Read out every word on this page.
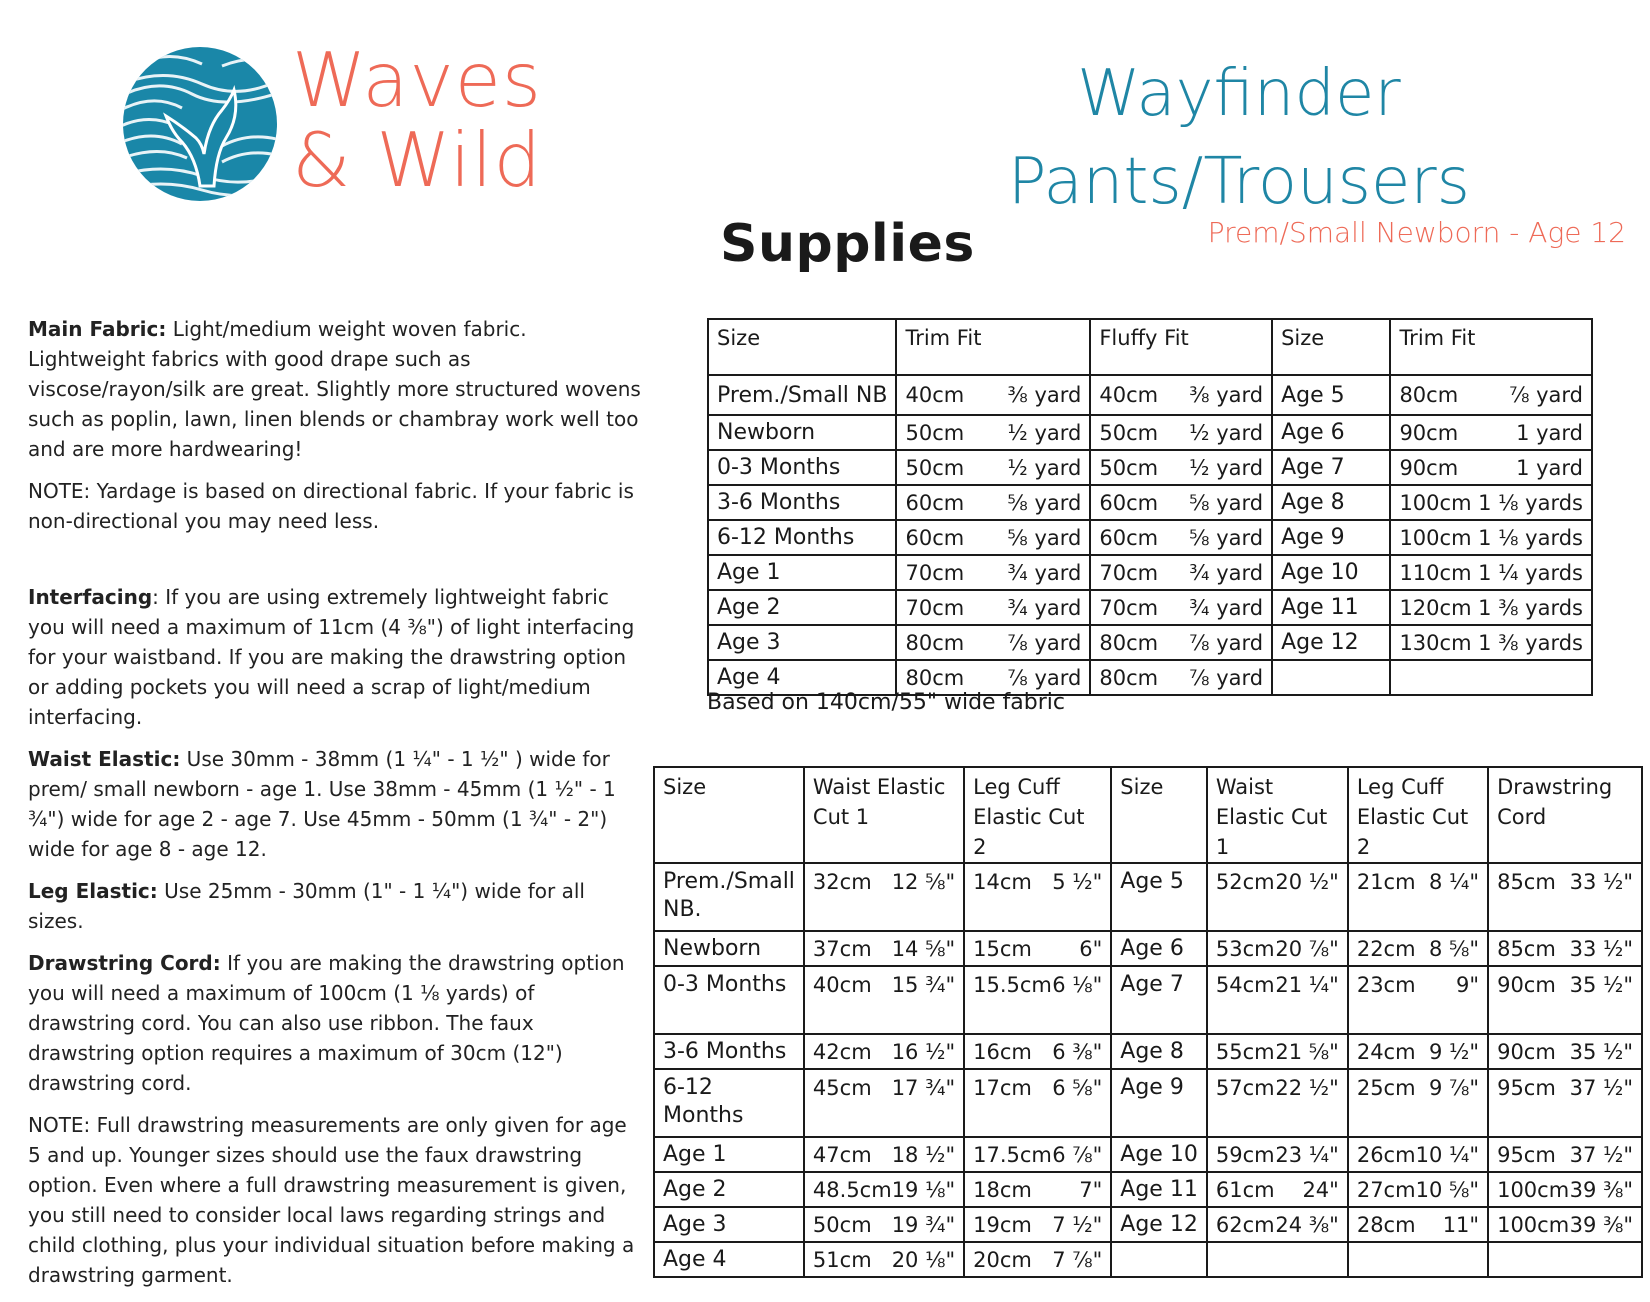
Waves
& Wild
Wayfinder
Pants/Trousers
Prem/Small Newborn - Age 12
Supplies

Main Fabric: Light/medium weight woven fabric. Lightweight fabrics with good drape such as viscose/rayon/silk are great. Slightly more structured wovens such as poplin, lawn, linen blends or chambray work well too and are more hardwearing!

NOTE: Yardage is based on directional fabric. If your fabric is non-directional you may need less.

Interfacing: If you are using extremely lightweight fabric you will need a maximum of 11cm (4 ⅜") of light interfacing for your waistband. If you are making the drawstring option or adding pockets you will need a scrap of light/medium interfacing.

Waist Elastic: Use 30mm - 38mm (1 ¼" - 1 ½" ) wide for prem/ small newborn - age 1. Use 38mm - 45mm (1 ½" - 1 ¾") wide for age 2 - age 7. Use 45mm - 50mm (1 ¾" - 2") wide for age 8 - age 12.

Leg Elastic: Use 25mm - 30mm (1" - 1 ¼") wide for all sizes.

Drawstring Cord: If you are making the drawstring option you will need a maximum of 100cm (1 ⅛ yards) of drawstring cord. You can also use ribbon. The faux drawstring option requires a maximum of 30cm (12") drawstring cord.

NOTE: Full drawstring measurements are only given for age 5 and up. Younger sizes should use the faux drawstring option. Even where a full drawstring measurement is given, you still need to consider local laws regarding strings and child clothing, plus your individual situation before making a drawstring garment.

Size	Trim Fit	Fluffy Fit	Size	Trim Fit
Prem./Small NB	40cm ⅜ yard	40cm ⅜ yard	Age 5	80cm ⅞ yard

Newborn	50cm ½ yard	50cm ½ yard	Age 6	90cm 1 yard

0-3 Months	50cm ½ yard	50cm ½ yard	Age 7	90cm 1 yard

3-6 Months	60cm ⅝ yard	60cm ⅝ yard	Age 8	100cm 1 ⅛ yards

6-12 Months	60cm ⅝ yard	60cm ⅝ yard	Age 9	100cm 1 ⅛ yards

Age 1	70cm ¾ yard	70cm ¾ yard	Age 10	110cm 1 ¼ yards

Age 2	70cm ¾ yard	70cm ¾ yard	Age 11	120cm 1 ⅜ yards

Age 3	80cm ⅞ yard	80cm ⅞ yard	Age 12	130cm 1 ⅜ yards

Age 4	80cm ⅞ yard	80cm ⅞ yard		

Based on 140cm/55" wide fabric
Size	Waist Elastic Cut 1	Leg Cuff Elastic Cut 2	Size	Waist Elastic Cut 1	Leg Cuff Elastic Cut 2	Drawstring Cord
Prem./Small NB.	32cm 12 ⅝"	14cm 5 ½"	Age 5	52cm 20 ½"	21cm 8 ¼"	85cm 33 ½"

Newborn	37cm 14 ⅝"	15cm 6"	Age 6	53cm 20 ⅞"	22cm 8 ⅝"	85cm 33 ½"

0-3 Months	40cm 15 ¾"	15.5cm 6 ⅛"	Age 7	54cm 21 ¼"	23cm 9"	90cm 35 ½"

3-6 Months	42cm 16 ½"	16cm 6 ⅜"	Age 8	55cm 21 ⅝"	24cm 9 ½"	90cm 35 ½"

6-12 Months	45cm 17 ¾"	17cm 6 ⅝"	Age 9	57cm 22 ½"	25cm 9 ⅞"	95cm 37 ½"

Age 1	47cm 18 ½"	17.5cm 6 ⅞"	Age 10	59cm 23 ¼"	26cm 10 ¼"	95cm 37 ½"

Age 2	48.5cm 19 ⅛"	18cm 7"	Age 11	61cm 24"	27cm 10 ⅝"	100cm 39 ⅜"

Age 3	50cm 19 ¾"	19cm 7 ½"	Age 12	62cm 24 ⅜"	28cm 11"	100cm 39 ⅜"

Age 4	51cm 20 ⅛"	20cm 7 ⅞"				
